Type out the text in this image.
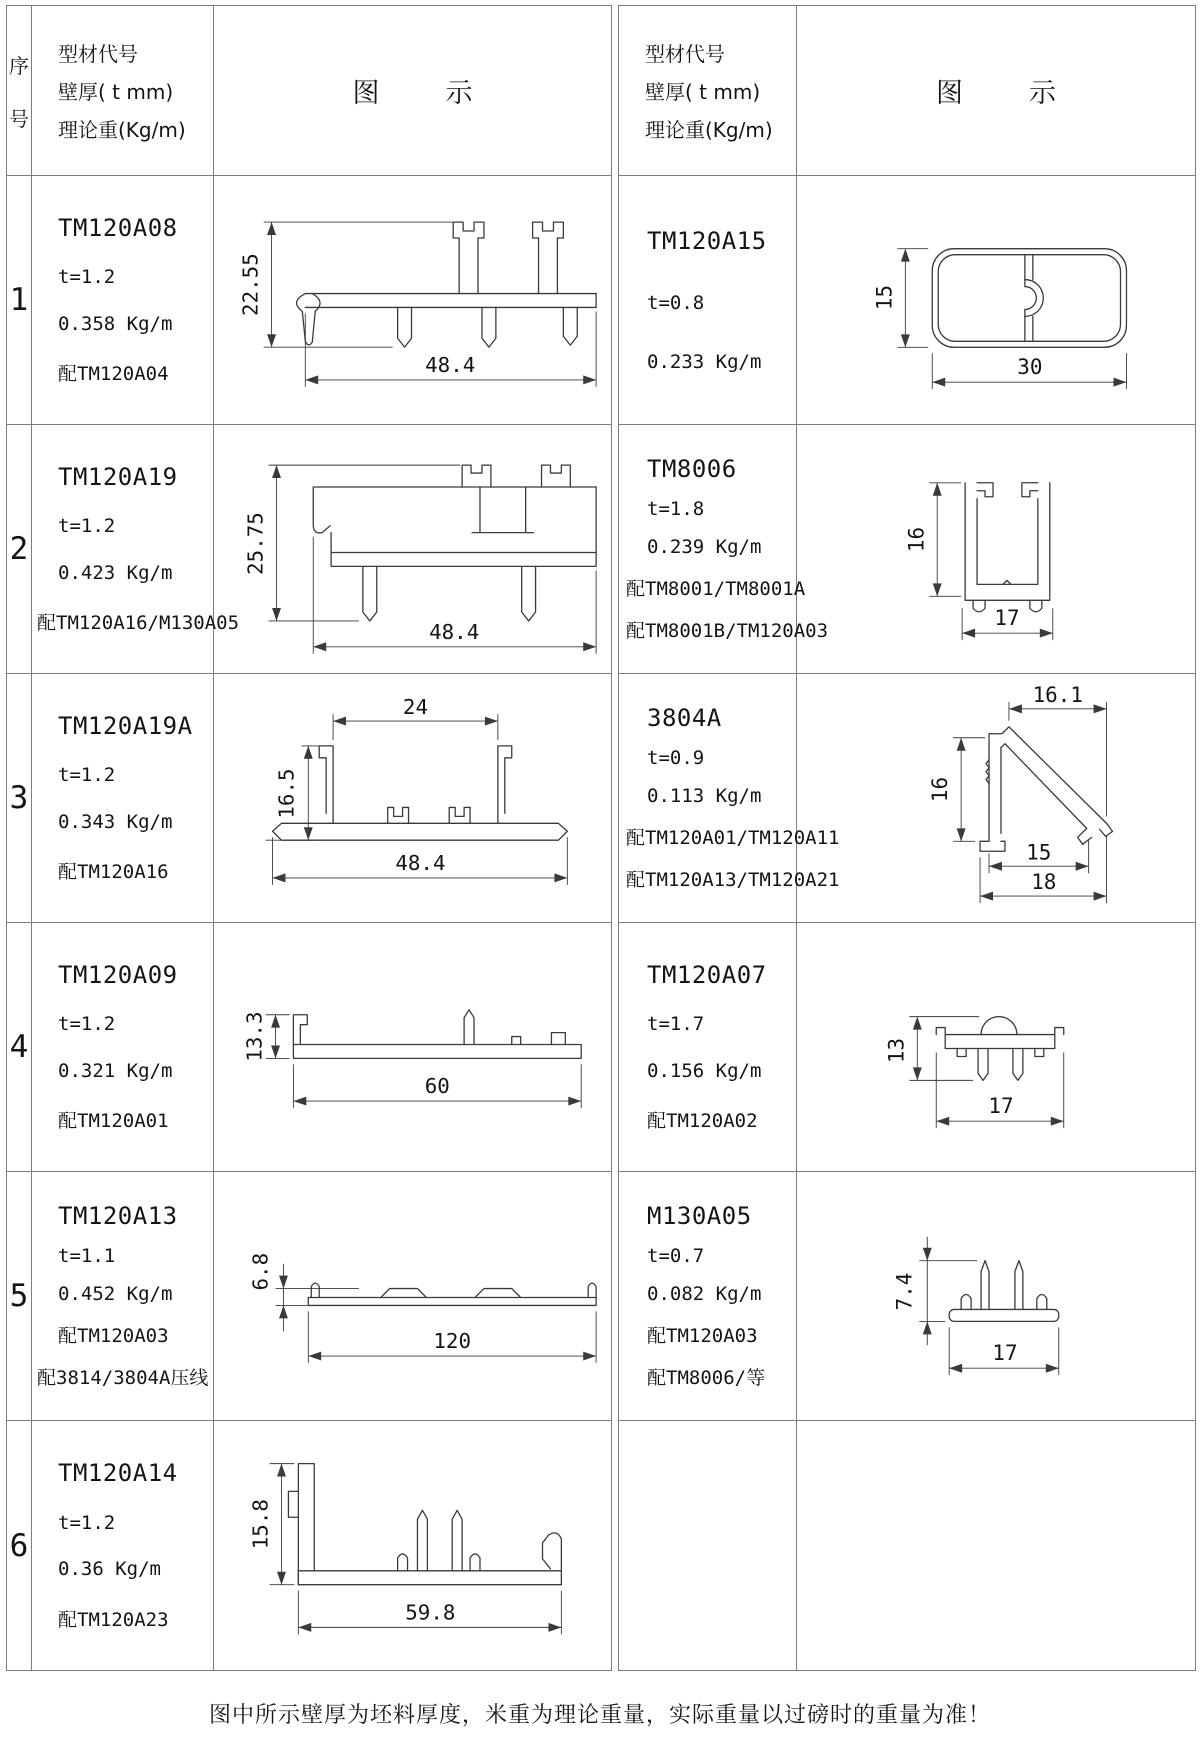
序
号
型材代号
壁厚( t mm)
理论重(Kg/m)
图 示
1
TM120A08
t=1.2
0.358 Kg/m
配TM120A04
22.55
48.4
2
TM120A19
t=1.2
0.423 Kg/m
配TM120A16/M130A05
25.75
48.4
3
TM120A19A
t=1.2
0.343 Kg/m
配TM120A16
24
16.5
48.4
4
TM120A09
t=1.2
0.321 Kg/m
配TM120A01
13.3
60
5
TM120A13
t=1.1
0.452 Kg/m
配TM120A03
配3814/3804A压线
6.8
120
6
TM120A14
t=1.2
0.36 Kg/m
配TM120A23
15.8
59.8
型材代号
壁厚( t mm)
理论重(Kg/m)
图 示
TM120A15
t=0.8
0.233 Kg/m
15
30
TM8006
t=1.8
0.239 Kg/m
配TM8001/TM8001A
配TM8001B/TM120A03
16
17
3804A
t=0.9
0.113 Kg/m
配TM120A01/TM120A11
配TM120A13/TM120A21
16.1
16
15
18
TM120A07
t=1.7
0.156 Kg/m
配TM120A02
13
17
M130A05
t=0.7
0.082 Kg/m
配TM120A03
配TM8006/等
7.4
17
图中所示壁厚为坯料厚度，米重为理论重量，实际重量以过磅时的重量为准！
